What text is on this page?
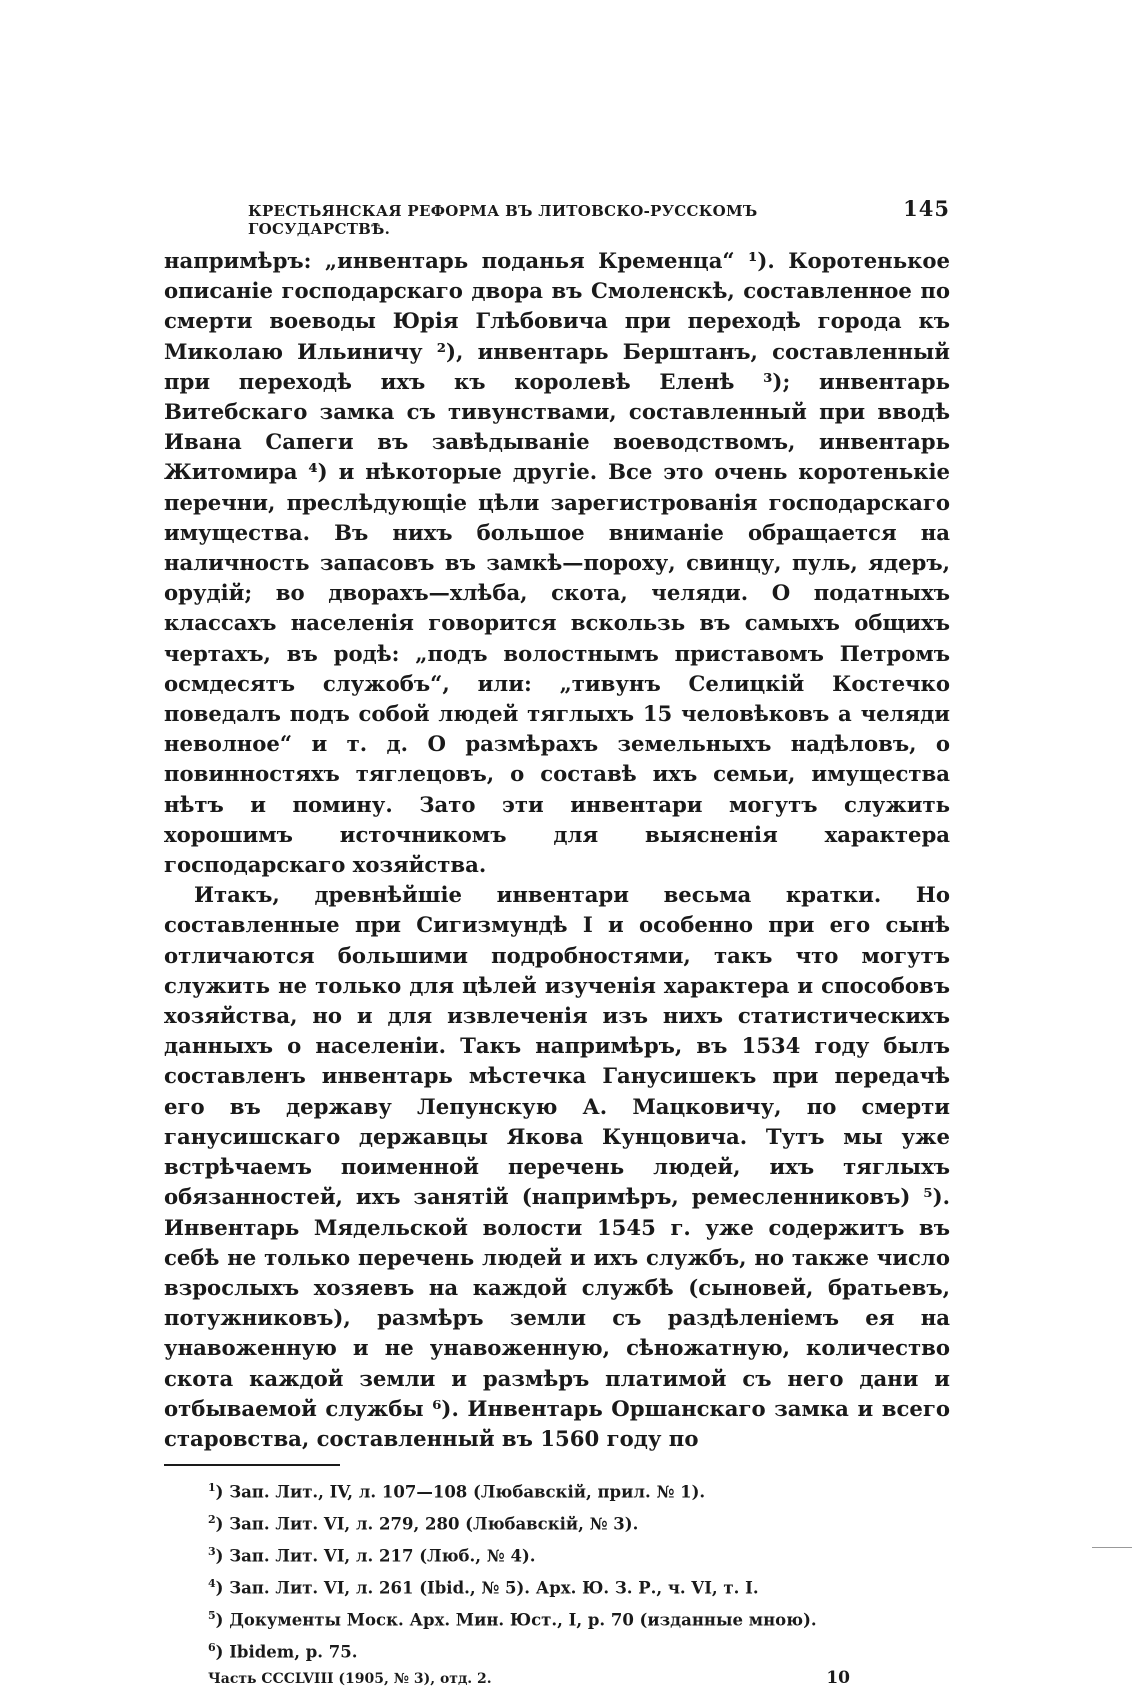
КРЕСТЬЯНСКАЯ РЕФОРМА ВЪ ЛИТОВСКО-РУССКОМЪ ГОСУДАРСТВѢ.
145

напримѣръ: „инвентарь поданья Кременца“ ¹). Коротенькое описаніе господарскаго двора въ Смоленскѣ, составленное по смерти воеводы Юрія Глѣбовича при переходѣ города къ Миколаю Ильиничу ²), инвентарь Берштанъ, составленный при переходѣ ихъ къ королевѣ Еленѣ ³); инвентарь Витебскаго замка съ тивунствами, составленный при вводѣ Ивана Сапеги въ завѣдываніе воеводствомъ, инвентарь Житомира ⁴) и нѣкоторые другіе. Все это очень коротенькіе перечни, преслѣдующіе цѣли зарегистрованія господарскаго имущества. Въ нихъ большое вниманіе обращается на наличность запасовъ въ замкѣ—пороху, свинцу, пуль, ядеръ, орудій; во дворахъ—хлѣба, скота, челяди. О податныхъ классахъ населенія говорится вскользь въ самыхъ общихъ чертахъ, въ родѣ: „подъ волостнымъ приставомъ Петромъ осмдесятъ служобъ“, или: „тивунъ Селицкій Костечко поведалъ подъ собой людей тяглыхъ 15 человѣковъ а челяди неволное“ и т. д. О размѣрахъ земельныхъ надѣловъ, о повинностяхъ тяглецовъ, о составѣ ихъ семьи, имущества нѣтъ и помину. Зато эти инвентари могутъ служить хорошимъ источникомъ для выясненія характера господарскаго хозяйства.

Итакъ, древнѣйшіе инвентари весьма кратки. Но составленные при Сигизмундѣ I и особенно при его сынѣ отличаются большими подробностями, такъ что могутъ служить не только для цѣлей изученія характера и способовъ хозяйства, но и для извлеченія изъ нихъ статистическихъ данныхъ о населеніи. Такъ напримѣръ, въ 1534 году былъ составленъ инвентарь мѣстечка Ганусишекъ при передачѣ его въ державу Лепунскую А. Мацковичу, по смерти ганусишскаго державцы Якова Кунцовича. Тутъ мы уже встрѣчаемъ поименной перечень людей, ихъ тяглыхъ обязанностей, ихъ занятій (напримѣръ, ремесленниковъ) ⁵). Инвентарь Мядельской волости 1545 г. уже содержитъ въ себѣ не только перечень людей и ихъ службъ, но также число взрослыхъ хозяевъ на каждой службѣ (сыновей, братьевъ, потужниковъ), размѣръ земли съ раздѣленіемъ ея на унавоженную и не унавоженную, сѣножатную, количество скота каждой земли и размѣръ платимой съ него дани и отбываемой службы ⁶). Инвентарь Оршанскаго замка и всего старовства, составленный въ 1560 году по

$^1$) Зап. Лит., IV, л. 107—108 (Любавскій, прил. № 1).
$^2$) Зап. Лит. VI, л. 279, 280 (Любавскій, № 3).
$^3$) Зап. Лит. VI, л. 217 (Люб., № 4).
$^4$) Зап. Лит. VI, л. 261 (Ibid., № 5). Арх. Ю. З. Р., ч. VI, т. I.
$^5$) Документы Моск. Арх. Мин. Юст., I, р. 70 (изданные мною).
$^6$) Ibidem, p. 75.
Часть CCCLVIII (1905, № 3), отд. 2.	10
